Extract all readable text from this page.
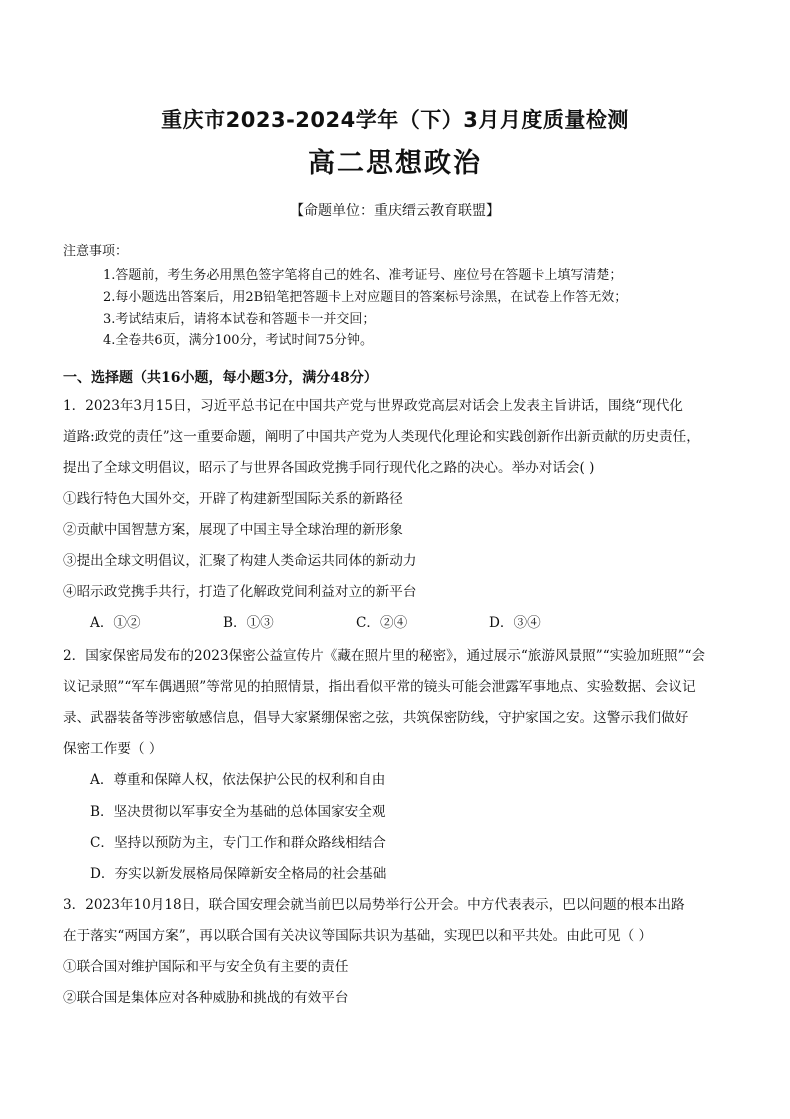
重庆市2023-2024学年（下）3月月度质量检测
高二思想政治
【命题单位：重庆缙云教育联盟】
注意事项：
1.答题前，考生务必用黑色签字笔将自己的姓名、准考证号、座位号在答题卡上填写清楚；
2.每小题选出答案后，用2B铅笔把答题卡上对应题目的答案标号涂黑，在试卷上作答无效；
3.考试结束后，请将本试卷和答题卡一并交回；
4.全卷共6页，满分100分，考试时间75分钟。
一、选择题（共16小题，每小题3分，满分48分）
1．2023年3月15日，习近平总书记在中国共产党与世界政党高层对话会上发表主旨讲话，围绕“现代化
道路:政党的责任”这一重要命题，阐明了中国共产党为人类现代化理论和实践创新作出新贡献的历史责任，
提出了全球文明倡议，昭示了与世界各国政党携手同行现代化之路的决心。举办对话会( )
①践行特色大国外交，开辟了构建新型国际关系的新路径
②贡献中国智慧方案，展现了中国主导全球治理的新形象
③提出全球文明倡议，汇聚了构建人类命运共同体的新动力
④昭示政党携手共行，打造了化解政党间利益对立的新平台
A．①②	B．①③	C．②④	D．③④
2．国家保密局发布的2023保密公益宣传片《藏在照片里的秘密》，通过展示“旅游风景照”“实验加班照”“会
议记录照”“军车偶遇照”等常见的拍照情景，指出看似平常的镜头可能会泄露军事地点、实验数据、会议记
录、武器装备等涉密敏感信息，倡导大家紧绷保密之弦，共筑保密防线，守护家国之安。这警示我们做好
保密工作要（ ）
A．尊重和保障人权，依法保护公民的权利和自由
B．坚决贯彻以军事安全为基础的总体国家安全观
C．坚持以预防为主，专门工作和群众路线相结合
D．夯实以新发展格局保障新安全格局的社会基础
3．2023年10月18日，联合国安理会就当前巴以局势举行公开会。中方代表表示，巴以问题的根本出路
在于落实“两国方案”，再以联合国有关决议等国际共识为基础，实现巴以和平共处。由此可见（ ）
①联合国对维护国际和平与安全负有主要的责任
②联合国是集体应对各种威胁和挑战的有效平台
